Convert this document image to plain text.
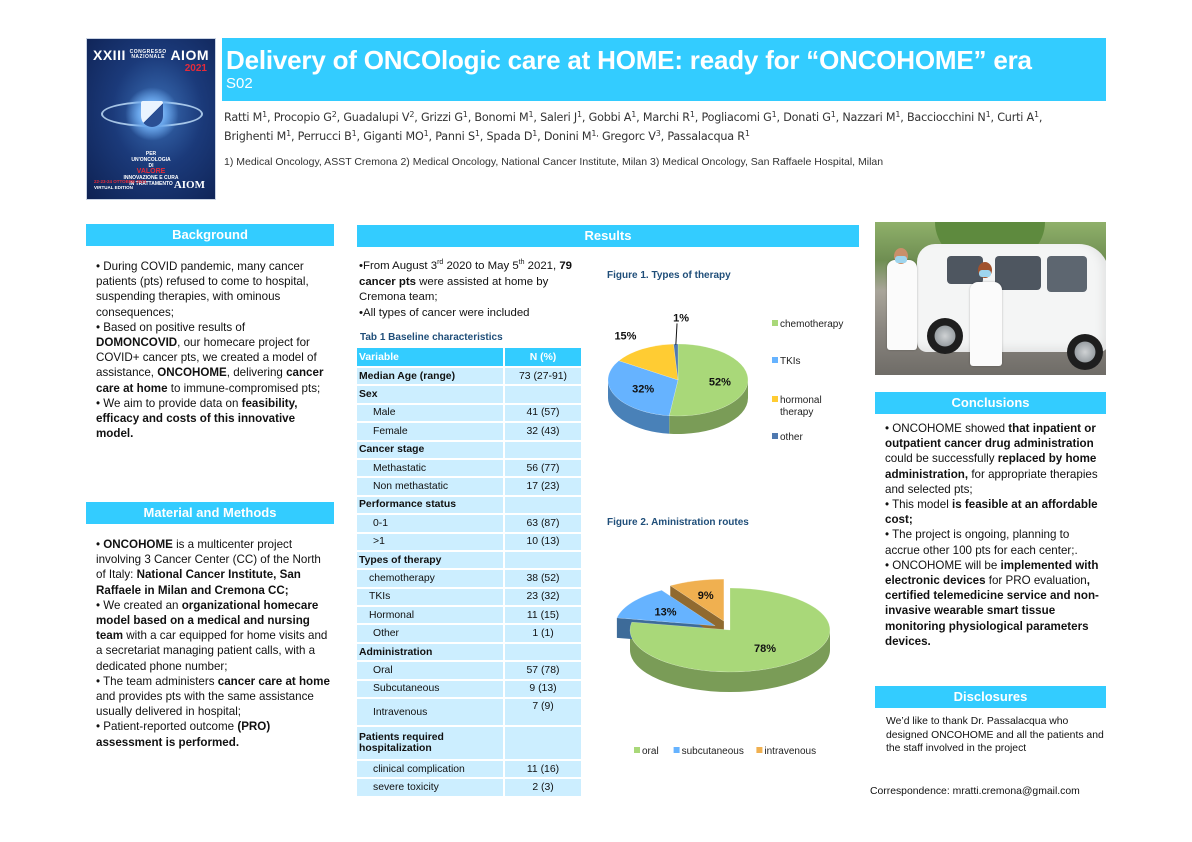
XXIII CONGRESSO
NAZIONALE AIOM
2021
PER
UN'ONCOLOGIA
DI
VALORE
INNOVAZIONE E CURA
IN TRATTAMENTO
22-23-24 OTTOBRE 2021
VIRTUAL EDITION	AIOM
Delivery of ONCOlogic care at HOME: ready for “ONCOHOME” era
S02
Ratti $M^1$, Procopio $G^2$, Guadalupi $V^2$, Grizzi $G^1$, Bonomi $M^1$, Saleri $J^1$, Gobbi $A^1$, Marchi $R^1$, Pogliacomi $G^1$, Donati $G^1$, Nazzari $M^1$, Bacciocchini $N^1$, Curti $A^1$, Brighenti $M^1$, Perrucci $B^1$, Giganti $MO^1$, Panni $S^1$, Spada $D^1$, Donini $M^{1,}$ Gregorc $V^3$, Passalacqua $R^1$
1) Medical Oncology, ASST Cremona 2) Medical Oncology, National Cancer Institute, Milan 3) Medical Oncology, San Raffaele Hospital, Milan
Background
• During COVID pandemic, many cancer patients (pts) refused to come to hospital, suspending therapies, with ominous consequences;
• Based on positive results of DOMONCOVID, our homecare project for COVID+ cancer pts, we created a model of assistance, ONCOHOME, delivering cancer care at home to immune-compromised pts;
• We aim to provide data on feasibility, efficacy and costs of this innovative model.
Material and Methods
• ONCOHOME is a multicenter project involving 3 Cancer Center (CC) of the North of Italy: National Cancer Institute, San Raffaele in Milan and Cremona CC;
• We created an organizational homecare model based on a medical and nursing team with a car equipped for home visits and a secretariat managing patient calls, with a dedicated phone number;
• The team administers cancer care at home and provides pts with the same assistance usually delivered in hospital;
• Patient-reported outcome (PRO) assessment is performed.
Results
•From August 3rd 2020 to May 5th 2021, 79 cancer pts were assisted at home by Cremona team;
•All types of cancer were included
Tab 1 Baseline characteristics
Variable	N (%)
Median Age (range)	73 (27-91)
Sex	
Male	41 (57)
Female	32 (43)
Cancer stage	
Methastatic	56 (77)
Non methastatic	17 (23)
Performance status	
0-1	63 (87)
>1	10 (13)
Types of therapy	
chemotherapy	38 (52)
TKIs	23 (32)
Hormonal	11 (15)
Other	1 (1)
Administration	
Oral	57 (78)
Subcutaneous	9 (13)
Intravenous	7 (9)
Patients required hospitalization	
clinical complication	11 (16)
severe toxicity	2 (3)
Figure 1. Types of therapy
52%
32%
15%
1%
chemotherapy
TKIs
hormonal
therapy
other
Figure 2. Aministration routes
78%
13%
9%
oral subcutaneous intravenous
Conclusions
• ONCOHOME showed that inpatient or outpatient cancer drug administration could be successfully replaced by home administration, for appropriate therapies and selected pts;
• This model is feasible at an affordable cost;
• The project is ongoing, planning to accrue other 100 pts for each center;.
• ONCOHOME will be implemented with electronic devices for PRO evaluation, certified telemedicine service and non-invasive wearable smart tissue monitoring physiological parameters devices.
Disclosures
We’d like to thank Dr. Passalacqua who designed ONCOHOME and all the patients and the staff involved in the project
Correspondence: mratti.cremona@gmail.com
